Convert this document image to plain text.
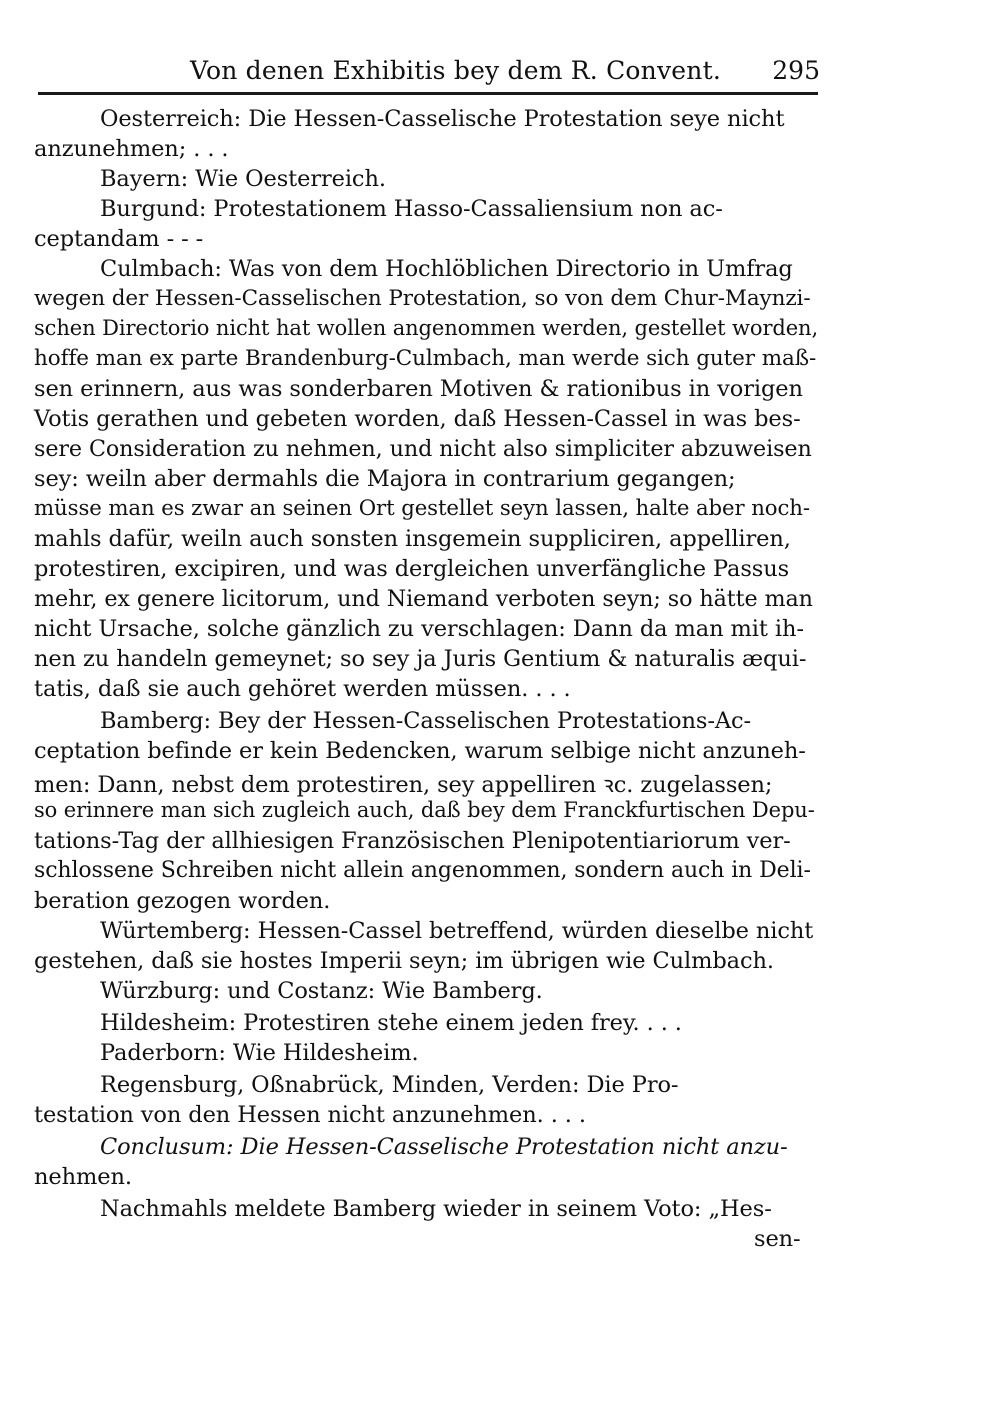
Von denen Exhibitis bey dem R. Convent. 295
Oesterreich: Die Hessen-Casselische Protestation seye nicht
anzunehmen; . . .
Bayern: Wie Oesterreich.
Burgund: Protestationem Hasso-Cassaliensium non ac-
ceptandam - - -
Culmbach: Was von dem Hochlöblichen Directorio in Umfrag
wegen der Hessen-Casselischen Protestation, so von dem Chur-Maynzi-
schen Directorio nicht hat wollen angenommen werden, gestellet worden,
hoffe man ex parte Brandenburg-Culmbach, man werde sich guter maß-
sen erinnern, aus was sonderbaren Motiven & rationibus in vorigen
Votis gerathen und gebeten worden, daß Hessen-Cassel in was bes-
sere Consideration zu nehmen, und nicht also simpliciter abzuweisen
sey: weiln aber dermahls die Majora in contrarium gegangen;
müsse man es zwar an seinen Ort gestellet seyn lassen, halte aber noch-
mahls dafür, weiln auch sonsten insgemein suppliciren, appelliren,
protestiren, excipiren, und was dergleichen unverfängliche Passus
mehr, ex genere licitorum, und Niemand verboten seyn; so hätte man
nicht Ursache, solche gänzlich zu verschlagen: Dann da man mit ih-
nen zu handeln gemeynet; so sey ja Juris Gentium & naturalis æqui-
tatis, daß sie auch gehöret werden müssen. . . .
Bamberg: Bey der Hessen-Casselischen Protestations-Ac-
ceptation befinde er kein Bedencken, warum selbige nicht anzuneh-
men: Dann, nebst dem protestiren, sey appelliren ꝛc. zugelassen;
so erinnere man sich zugleich auch, daß bey dem Franckfurtischen Depu-
tations-Tag der allhiesigen Französischen Plenipotentiariorum ver-
schlossene Schreiben nicht allein angenommen, sondern auch in Deli-
beration gezogen worden.
Würtemberg: Hessen-Cassel betreffend, würden dieselbe nicht
gestehen, daß sie hostes Imperii seyn; im übrigen wie Culmbach.
Würzburg: und Costanz: Wie Bamberg.
Hildesheim: Protestiren stehe einem jeden frey. . . .
Paderborn: Wie Hildesheim.
Regensburg, Oßnabrück, Minden, Verden: Die Pro-
testation von den Hessen nicht anzunehmen. . . .
Conclusum: Die Hessen-Casselische Protestation nicht anzu-
nehmen.
Nachmahls meldete Bamberg wieder in seinem Voto: „Hes-
sen-
